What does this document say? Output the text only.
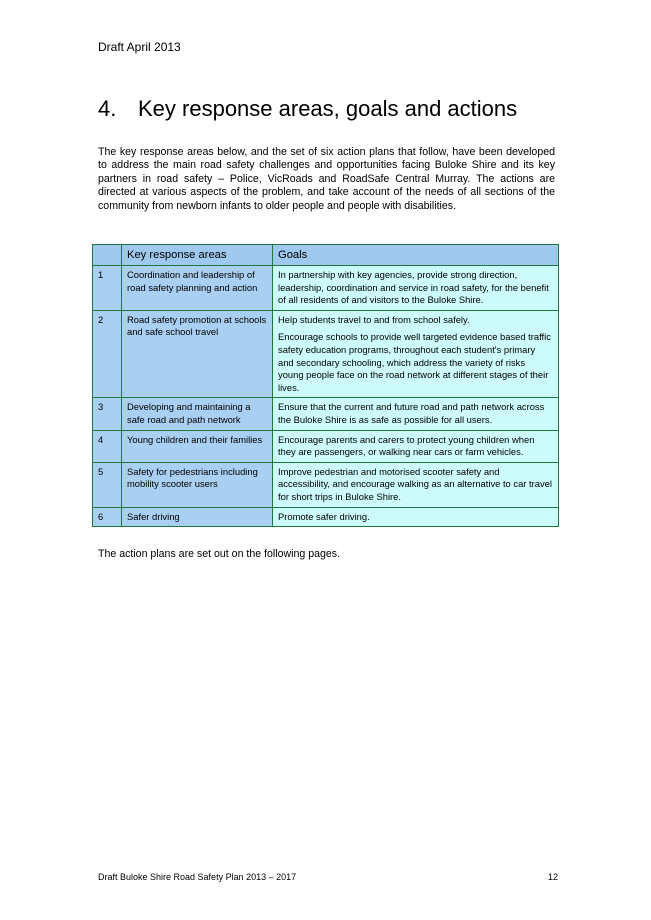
Draft April 2013
4. Key response areas, goals and actions

The key response areas below, and the set of six action plans that follow, have been developed to address the main road safety challenges and opportunities facing Buloke Shire and its key partners in road safety – Police, VicRoads and RoadSafe Central Murray. The actions are directed at various aspects of the problem, and take account of the needs of all sections of the community from newborn infants to older people and people with disabilities.

	Key response areas	Goals
1	Coordination and leadership of road safety planning and action	In partnership with key agencies, provide strong direction, leadership, coordination and service in road safety, for the benefit of all residents of and visitors to the Buloke Shire.

2	Road safety promotion at schools and safe school travel	Help students travel to and from school safely.

Encourage schools to provide well targeted evidence based traffic safety education programs, throughout each student's primary and secondary schooling, which address the variety of risks young people face on the road network at different stages of their lives.

3	Developing and maintaining a safe road and path network	Ensure that the current and future road and path network across the Buloke Shire is as safe as possible for all users.

4	Young children and their families	Encourage parents and carers to protect young children when they are passengers, or walking near cars or farm vehicles.

5	Safety for pedestrians including mobility scooter users	Improve pedestrian and motorised scooter safety and accessibility, and encourage walking as an alternative to car travel for short trips in Buloke Shire.

6	Safer driving	Promote safer driving.

The action plans are set out on the following pages.

Draft Buloke Shire Road Safety Plan 2013 – 2017	12
